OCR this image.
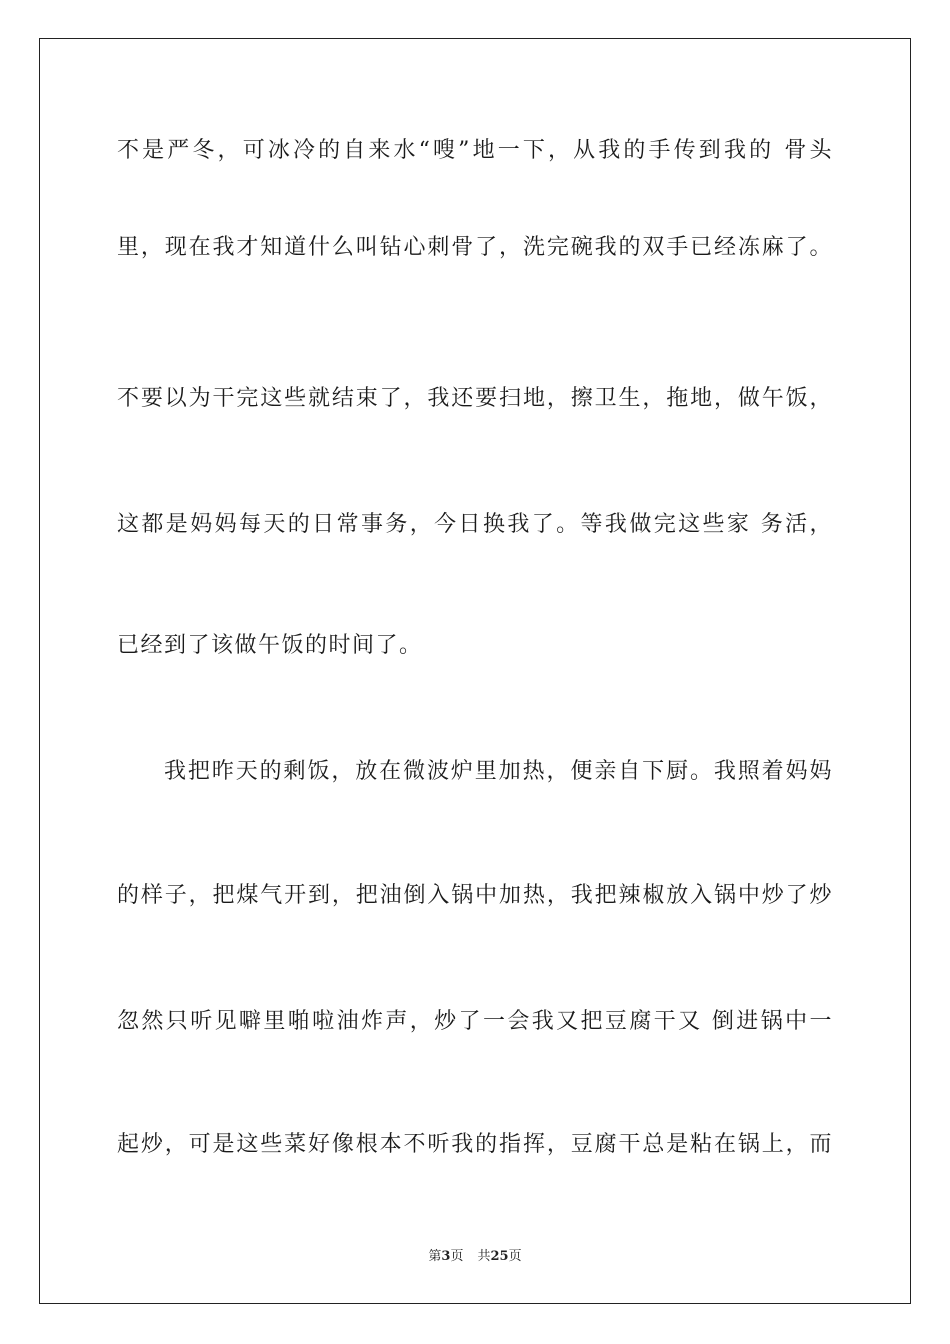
不是严冬，可冰冷的自来水“嗖”地一下，从我的手传到我的 骨头
里，现在我才知道什么叫钻心刺骨了，洗完碗我的双手已经冻麻了。
不要以为干完这些就结束了，我还要扫地，擦卫生，拖地，做午饭，
这都是妈妈每天的日常事务，今日换我了。等我做完这些家 务活，
已经到了该做午饭的时间了。
我把昨天的剩饭，放在微波炉里加热，便亲自下厨。我照着妈妈
的样子，把煤气开到，把油倒入锅中加热，我把辣椒放入锅中炒了炒
忽然只听见噼里啪啦油炸声，炒了一会我又把豆腐干又 倒进锅中一
起炒，可是这些菜好像根本不听我的指挥，豆腐干总是粘在锅上，而
第3页 共25页
